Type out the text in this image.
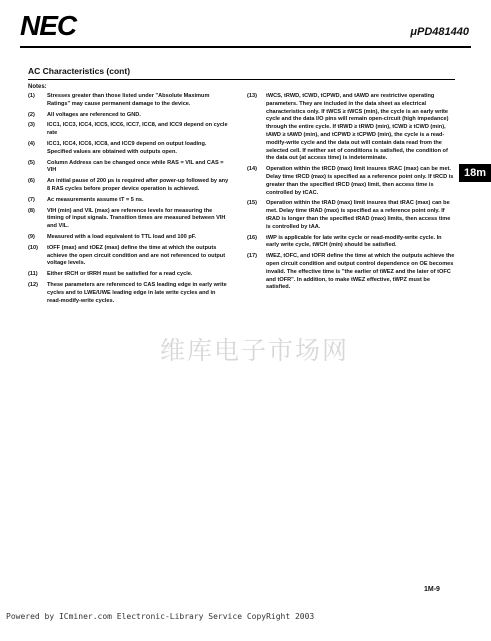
NEC	μPD481440
AC Characteristics (cont)
Notes:
(1) Stresses greater than those listed under "Absolute Maximum Ratings" may cause permanent damage to the device.
(2) All voltages are referenced to GND.
(3) ICC1, ICC3, ICC4, ICC5, ICC6, ICC7, ICC8, and ICC9 depend on cycle rate
(4) ICC1, ICC4, ICC6, ICC8, and ICC9 depend on output loading. Specified values are obtained with outputs open.
(5) Column Address can be changed once while RAS = VIL and CAS = VIH
(6) An initial pause of 200 μs is required after power-up followed by any 8 RAS cycles before proper device operation is achieved.
(7) Ac measurements assume tT = 5 ns.
(8) VIH (min) and VIL (max) are reference levels for measuring the timing of input signals. Transition times are measured between VIH and VIL.
(9) Measured with a load equivalent to TTL load and 100 pF.
(10) tOFF (max) and tOEZ (max) define the time at which the outputs achieve the open circuit condition and are not referenced to output voltage levels.
(11) Either tRCH or tRRH must be satisfied for a read cycle.
(12) These parameters are referenced to CAS leading edge in early write cycles and to LWE/UWE leading edge in late write cycles and in read-modify-write cycles.
(13) tWCS, tRWD, tCWD, tCPWD, and tAWD are restrictive operating parameters. They are included in the data sheet as electrical characteristics only. If tWCS ≥ tWCS (min), the cycle is an early write cycle and the data I/O pins will remain open-circuit (high impedance) through the entire cycle. If tRWD ≥ tRWD (min), tCWD ≥ tCWD (min), tAWD ≥ tAWD (min), and tCPWD ≥ tCPWD (min), the cycle is a read-modify-write cycle and the data out will contain data read from the selected cell. If neither set of conditions is satisfied, the condition of the data out (at access time) is indeterminate.
(14) Operation within the tRCD (max) limit insures tRAC (max) can be met. Delay time tRCD (max) is specified as a reference point only. If tRCD is greater than the specified tRCD (max) limit, then access time is controlled by tCAC.
(15) Operation within the tRAD (max) limit insures that tRAC (max) can be met. Delay time tRAD (max) is specified as a reference point only. If tRAD is longer than the specified tRAD (max) limits, then access time is controlled by tAA.
(16) tWP is applicable for late write cycle or read-modify-write cycle. In early write cycle, tWCH (min) should be satisfied.
(17) tWEZ, tOFC, and tOFR define the time at which the outputs achieve the open circuit condition and output control dependence on OE becomes invalid. The effective time is "the earlier of tWEZ and the later of tOFC and tOFR". In addition, to make tWEZ effective, tWPZ must be satisfied.
18m
维库电子市场网
1M-9
Powered by ICminer.com Electronic-Library Service CopyRight 2003
